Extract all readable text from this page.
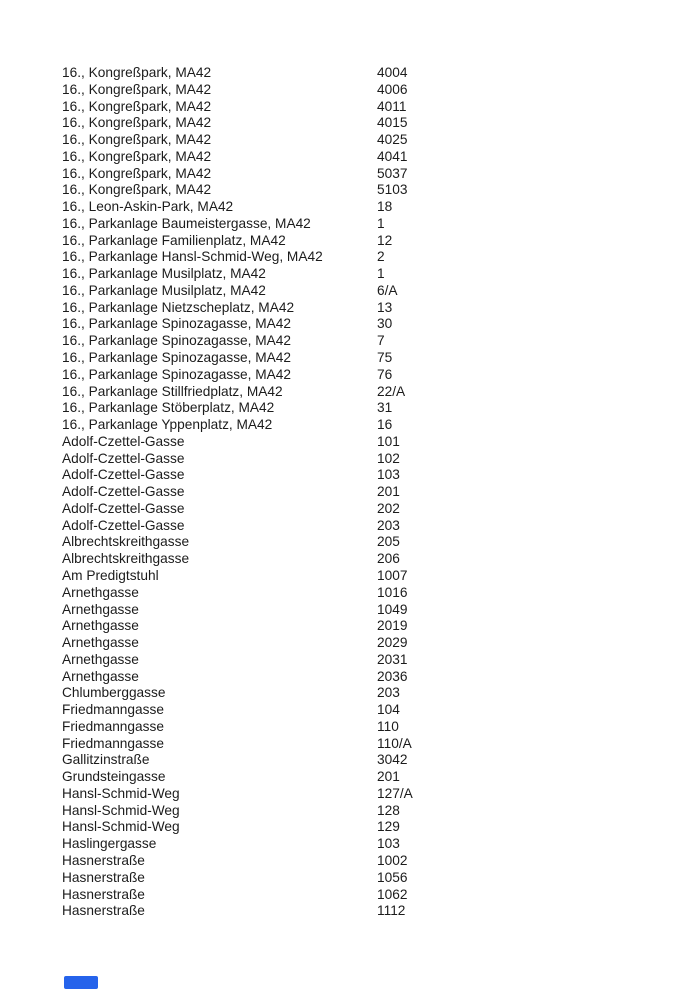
16., Kongreßpark, MA42	4004
16., Kongreßpark, MA42	4006
16., Kongreßpark, MA42	4011
16., Kongreßpark, MA42	4015
16., Kongreßpark, MA42	4025
16., Kongreßpark, MA42	4041
16., Kongreßpark, MA42	5037
16., Kongreßpark, MA42	5103
16., Leon-Askin-Park, MA42	18
16., Parkanlage Baumeistergasse, MA42	1
16., Parkanlage Familienplatz, MA42	12
16., Parkanlage Hansl-Schmid-Weg, MA42	2
16., Parkanlage Musilplatz, MA42	1
16., Parkanlage Musilplatz, MA42	6/A
16., Parkanlage Nietzscheplatz, MA42	13
16., Parkanlage Spinozagasse, MA42	30
16., Parkanlage Spinozagasse, MA42	7
16., Parkanlage Spinozagasse, MA42	75
16., Parkanlage Spinozagasse, MA42	76
16., Parkanlage Stillfriedplatz, MA42	22/A
16., Parkanlage Stöberplatz, MA42	31
16., Parkanlage Yppenplatz, MA42	16
Adolf-Czettel-Gasse	101
Adolf-Czettel-Gasse	102
Adolf-Czettel-Gasse	103
Adolf-Czettel-Gasse	201
Adolf-Czettel-Gasse	202
Adolf-Czettel-Gasse	203
Albrechtskreithgasse	205
Albrechtskreithgasse	206
Am Predigtstuhl	1007
Arnethgasse	1016
Arnethgasse	1049
Arnethgasse	2019
Arnethgasse	2029
Arnethgasse	2031
Arnethgasse	2036
Chlumberggasse	203
Friedmanngasse	104
Friedmanngasse	110
Friedmanngasse	110/A
Gallitzinstraße	3042
Grundsteingasse	201
Hansl-Schmid-Weg	127/A
Hansl-Schmid-Weg	128
Hansl-Schmid-Weg	129
Haslingergasse	103
Hasnerstraße	1002
Hasnerstraße	1056
Hasnerstraße	1062
Hasnerstraße	1112
